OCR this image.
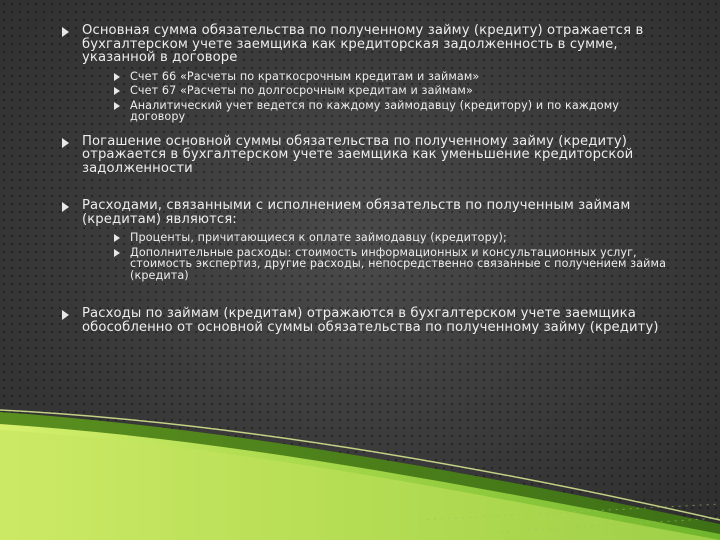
Основная сумма обязательства по полученному займу (кредиту) отражается в бухгалтерском учете заемщика как кредиторская задолженность в сумме, указанной в договоре
Счет 66 «Расчеты по краткосрочным кредитам и займам»
Счет 67 «Расчеты по долгосрочным кредитам и займам»
Аналитический учет ведется по каждому займодавцу (кредитору) и по каждому договору
Погашение основной суммы обязательства по полученному займу (кредиту) отражается в бухгалтерском учете заемщика как уменьшение кредиторской задолженности
Расходами, связанными с исполнением обязательств по полученным займам (кредитам) являются:
Проценты, причитающиеся к оплате займодавцу (кредитору);
Дополнительные расходы: стоимость информационных и консультационных услуг, стоимость экспертиз, другие расходы, непосредственно связанные с получением займа (кредита)
Расходы по займам (кредитам) отражаются в бухгалтерском учете заемщика обособленно от основной суммы обязательства по полученному займу (кредиту)
